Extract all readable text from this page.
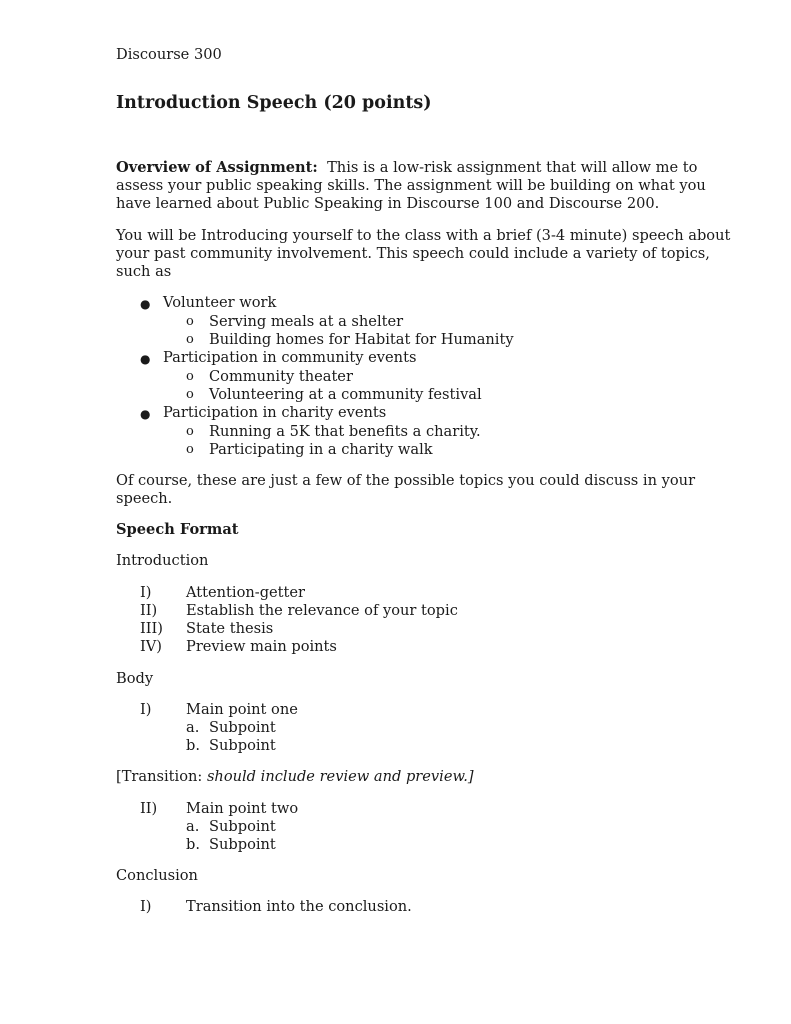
Discourse 300
Introduction Speech (20 points)
Overview of Assignment: This is a low-risk assignment that will allow me to
assess your public speaking skills. The assignment will be building on what you
have learned about Public Speaking in Discourse 100 and Discourse 200.
You will be Introducing yourself to the class with a brief (3-4 minute) speech about
your past community involvement. This speech could include a variety of topics,
such as
● Volunteer work
o Serving meals at a shelter
o Building homes for Habitat for Humanity
● Participation in community events
o Community theater
o Volunteering at a community festival
● Participation in charity events
o Running a 5K that benefits a charity.
o Participating in a charity walk
Of course, these are just a few of the possible topics you could discuss in your
speech.
Speech Format
Introduction
I) Attention-getter
II) Establish the relevance of your topic
III) State thesis
IV) Preview main points
Body
I) Main point one
a. Subpoint
b. Subpoint
[Transition: should include review and preview.]
II) Main point two
a. Subpoint
b. Subpoint
Conclusion
I) Transition into the conclusion.
